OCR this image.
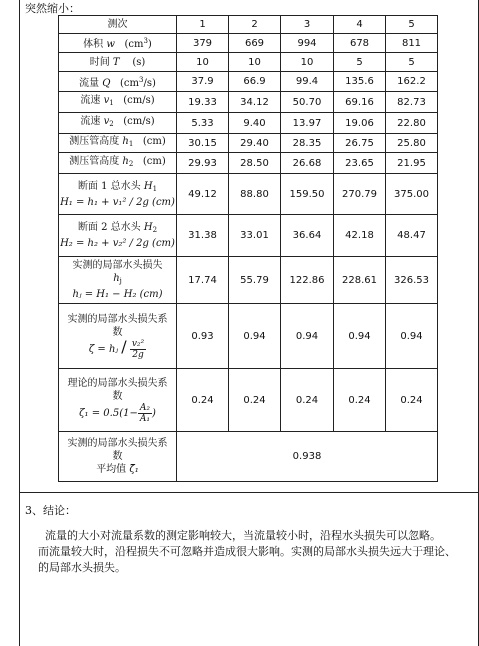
突然缩小：
测次	1	2	3	4	5
体积 w $(cm^3)$	379	669	994	678	811
时间 T (s)	10	10	10	5	5
流量 Q $(cm^3/s)$	37.9	66.9	99.4	135.6	162.2
流速 $v_1$ (cm/s)	19.33	34.12	50.70	69.16	82.73
流速 $v_2$ (cm/s)	5.33	9.40	13.97	19.06	22.80
测压管高度 $h_1$ (cm)	30.15	29.40	28.35	26.75	25.80
测压管高度 $h_2$ (cm)	29.93	28.50	26.68	23.65	21.95

断面 1 总水头 $H_1$
H₁ = h₁ + v₁² / 2g (cm)	49.12	88.80	159.50	270.79	375.00

断面 2 总水头 $H_2$
H₂ = h₂ + v₂² / 2g (cm)	31.38	33.01	36.64	42.18	48.47

实测的局部水头损失
$h_j$
hⱼ = H₁ − H₂ (cm)	17.74	55.79	122.86	228.61	326.53

实测的局部水头损失系数
ζ = hⱼ / $\frac{\text{v₂²}}{2g}$	0.93	0.94	0.94	0.94	0.94

理论的局部水头损失系数
$\zeta_1 = 0.5(1- \frac{\text{A₂}}{\text{A₁}}$ )	0.24	0.24	0.24	0.24	0.24

实测的局部水头损失系数
平均值 ζ̄₁	0.938				
3、结论：

流量的大小对流量系数的测定影响较大，当流量较小时，沿程水头损失可以忽略。

而流量较大时，沿程损失不可忽略并造成很大影响。实测的局部水头损失远大于理论、

的局部水头损失。
